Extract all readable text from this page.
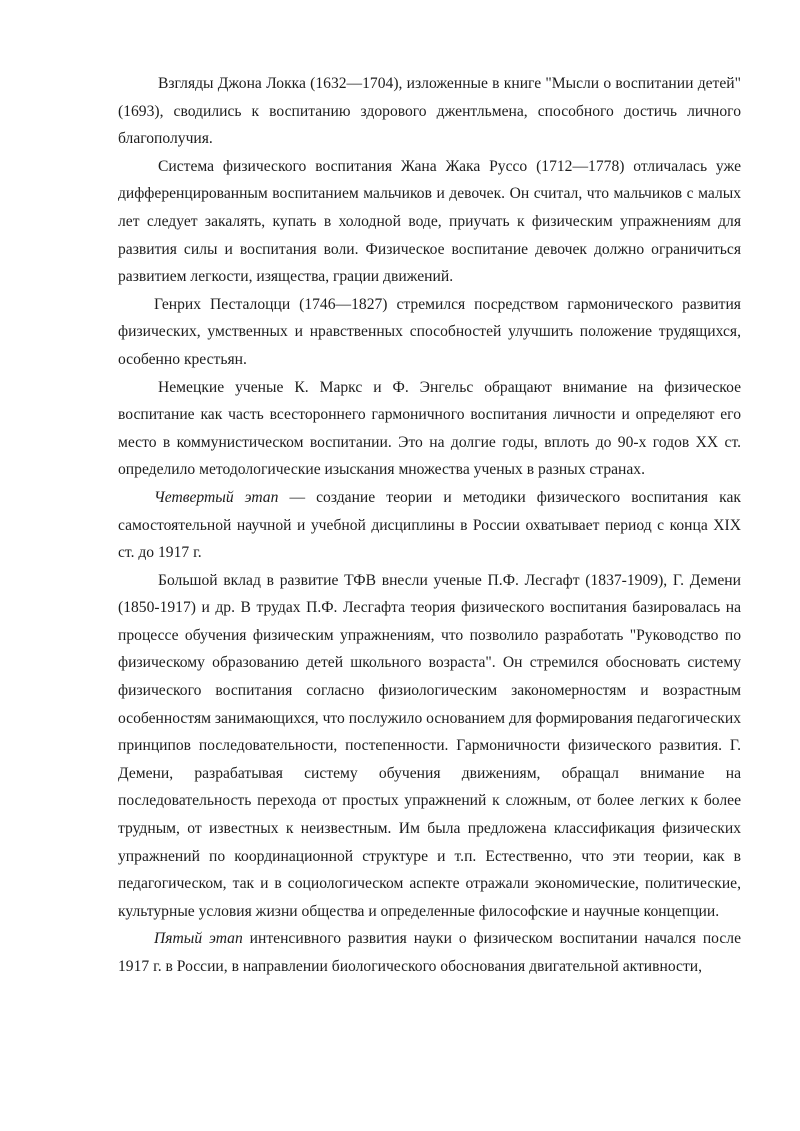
Взгляды Джона Локка (1632—1704), изложенные в книге "Мысли о воспитании детей" (1693), сводились к воспитанию здорового джентльмена, способного достичь личного благополучия.

Система физического воспитания Жана Жака Руссо (1712—1778) отличалась уже дифференцированным воспитанием мальчиков и девочек. Он считал, что мальчиков с малых лет следует закалять, купать в холодной воде, приучать к физическим упражнениям для развития силы и воспитания воли. Физическое воспитание девочек должно ограничиться развитием легкости, изящества, грации движений.

Генрих Песталоцци (1746—1827) стремился посредством гармонического развития физических, умственных и нравственных способностей улучшить положение трудящихся, особенно крестьян.

Немецкие ученые К. Маркс и Ф. Энгельс обращают внимание на физическое воспитание как часть всестороннего гармоничного воспитания личности и определяют его место в коммунистическом воспитании. Это на долгие годы, вплоть до 90-х годов XX ст. определило методологические изыскания множества ученых в разных странах.

Четвертый этап — создание теории и методики физического воспитания как самостоятельной научной и учебной дисциплины в России охватывает период с конца XIX ст. до 1917 г.

Большой вклад в развитие ТФВ внесли ученые П.Ф. Лесгафт (1837-1909), Г. Демени (1850-1917) и др. В трудах П.Ф. Лесгафта теория физического воспитания базировалась на процессе обучения физическим упражнениям, что позволило разработать "Руководство по физическому образованию детей школьного возраста". Он стремился обосновать систему физического воспитания согласно физиологическим закономерностям и возрастным особенностям занимающихся, что послужило основанием для формирования педагогических принципов последовательности, постепенности. Гармоничности физического развития. Г. Демени, разрабатывая систему обучения движениям, обращал внимание на последовательность перехода от простых упражнений к сложным, от более легких к более трудным, от известных к неизвестным. Им была предложена классификация физических упражнений по координационной структуре и т.п. Естественно, что эти теории, как в педагогическом, так и в социологическом аспекте отражали экономические, политические, культурные условия жизни общества и определенные философские и научные концепции.

Пятый этап интенсивного развития науки о физическом воспитании начался после 1917 г. в России, в направлении биологического обоснования двигательной активности,
